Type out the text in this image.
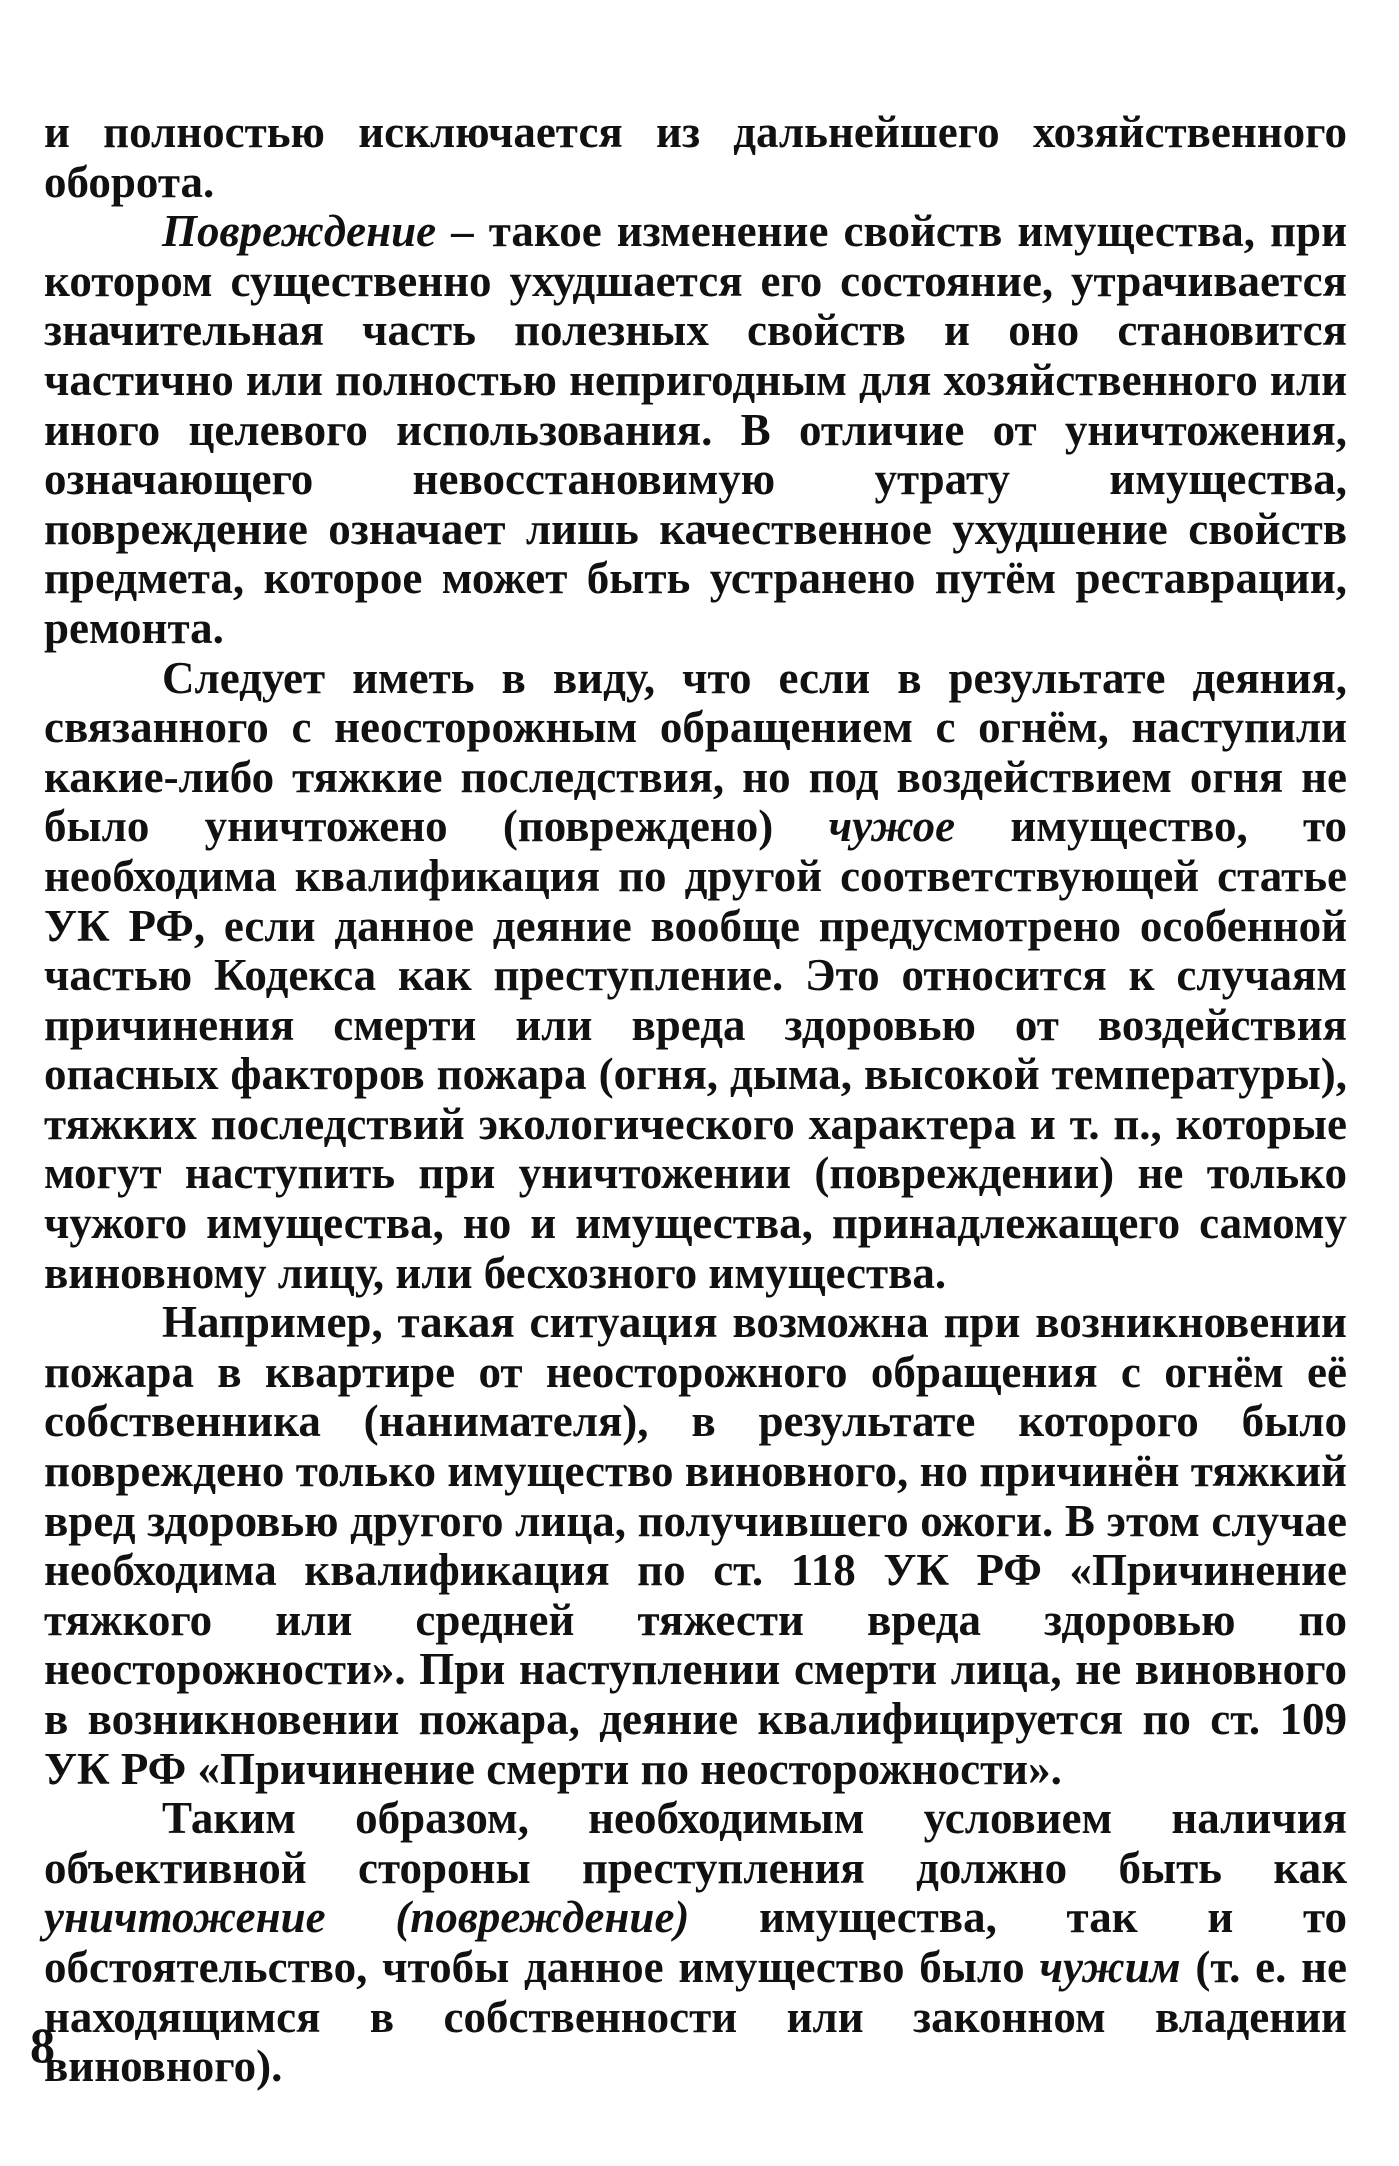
и полностью исключается из дальнейшего хозяйственного оборота.

Повреждение – такое изменение свойств имущества, при котором существенно ухудшается его состояние, утрачивается значительная часть полезных свойств и оно становится частично или полностью непригодным для хозяйственного или иного целевого использования. В отличие от уничтожения, означающего невосстановимую утрату имущества, повреждение означает лишь качественное ухудшение свойств предмета, которое может быть устранено путём реставрации, ремонта.

Следует иметь в виду, что если в результате деяния, связанного с неосторожным обращением с огнём, наступили какие-либо тяжкие последствия, но под воздействием огня не было уничтожено (повреждено) чужое имущество, то необходима квалификация по другой соответствующей статье УК РФ, если данное деяние вообще предусмотрено особенной частью Кодекса как преступление. Это относится к случаям причинения смерти или вреда здоровью от воздействия опасных факторов пожара (огня, дыма, высокой температуры), тяжких последствий экологического характера и т. п., которые могут наступить при уничтожении (повреждении) не только чужого имущества, но и имущества, принадлежащего самому виновному лицу, или бесхозного имущества.

Например, такая ситуация возможна при возникновении пожара в квартире от неосторожного обращения с огнём её собственника (нанимателя), в результате которого было повреждено только имущество виновного, но причинён тяжкий вред здоровью другого лица, получившего ожоги. В этом случае необходима квалификация по ст. 118 УК РФ «Причинение тяжкого или средней тяжести вреда здоровью по неосторожности». При наступлении смерти лица, не виновного в возникновении пожара, деяние квалифицируется по ст. 109 УК РФ «Причинение смерти по неосторожности».

Таким образом, необходимым условием наличия объективной стороны преступления должно быть как уничтожение (повреждение) имущества, так и то обстоятельство, чтобы данное имущество было чужим (т. е. не находящимся в собственности или законном владении виновного).

8
